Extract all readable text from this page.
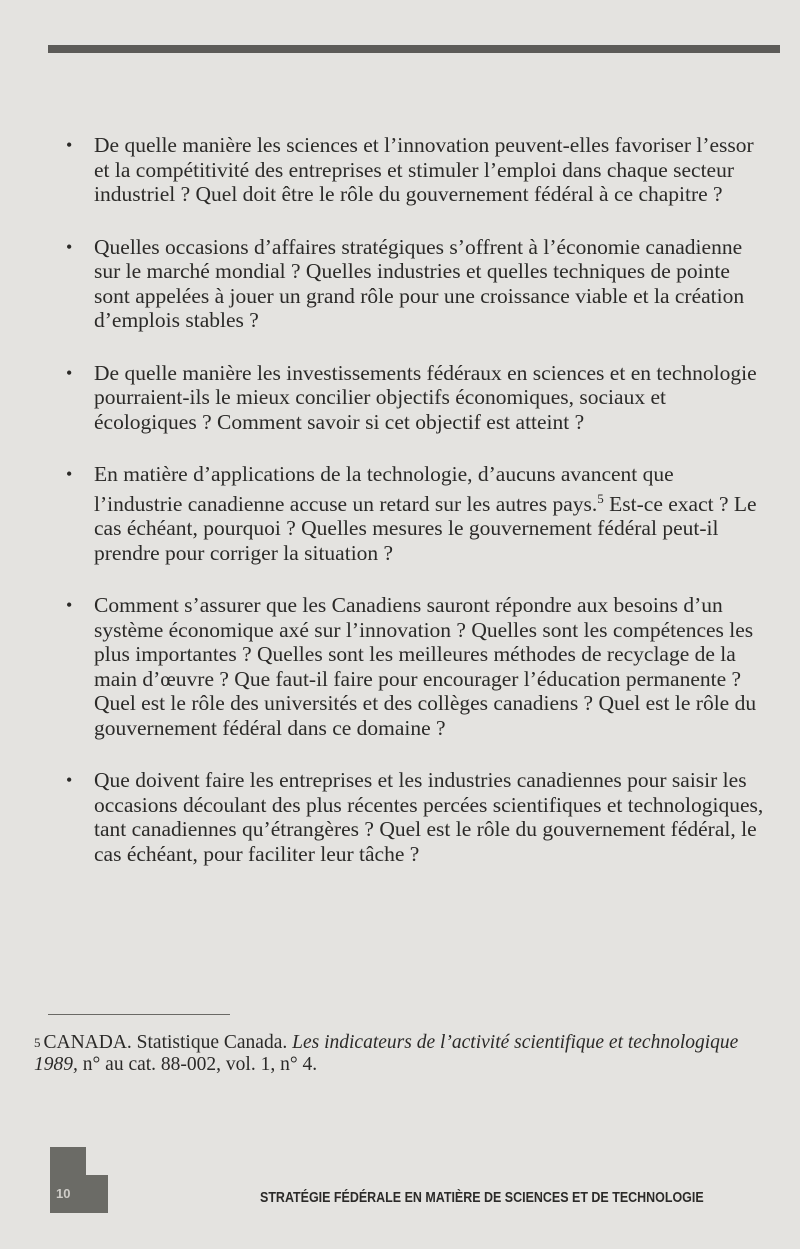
• De quelle manière les sciences et l’innovation peuvent-elles favoriser l’essor et la compétitivité des entreprises et stimuler l’emploi dans chaque secteur industriel ? Quel doit être le rôle du gouvernement fédéral à ce chapitre ?
• Quelles occasions d’affaires stratégiques s’offrent à l’économie canadienne sur le marché mondial ? Quelles industries et quelles techniques de pointe sont appelées à jouer un grand rôle pour une croissance viable et la création d’emplois stables ?
• De quelle manière les investissements fédéraux en sciences et en technologie pourraient-ils le mieux concilier objectifs économiques, sociaux et écologiques ? Comment savoir si cet objectif est atteint ?
• En matière d’applications de la technologie, d’aucuns avancent que l’industrie canadienne accuse un retard sur les autres pays.$^5$ Est-ce exact ? Le cas échéant, pourquoi ? Quelles mesures le gouvernement fédéral peut-il prendre pour corriger la situation ?
• Comment s’assurer que les Canadiens sauront répondre aux besoins d’un système économique axé sur l’innovation ? Quelles sont les compétences les plus importantes ? Quelles sont les meilleures méthodes de recyclage de la main d’œuvre ? Que faut-il faire pour encourager l’éducation permanente ? Quel est le rôle des universités et des collèges canadiens ? Quel est le rôle du gouvernement fédéral dans ce domaine ?
• Que doivent faire les entreprises et les industries canadiennes pour saisir les occasions découlant des plus récentes percées scientifiques et technologiques, tant canadiennes qu’étrangères ? Quel est le rôle du gouvernement fédéral, le cas échéant, pour faciliter leur tâche ?

$^5$ CANADA. Statistique Canada. Les indicateurs de l’activité scientifique et technologique 1989, n° au cat. 88-002, vol. 1, n° 4.

10	STRATÉGIE FÉDÉRALE EN MATIÈRE DE SCIENCES ET DE TECHNOLOGIE
